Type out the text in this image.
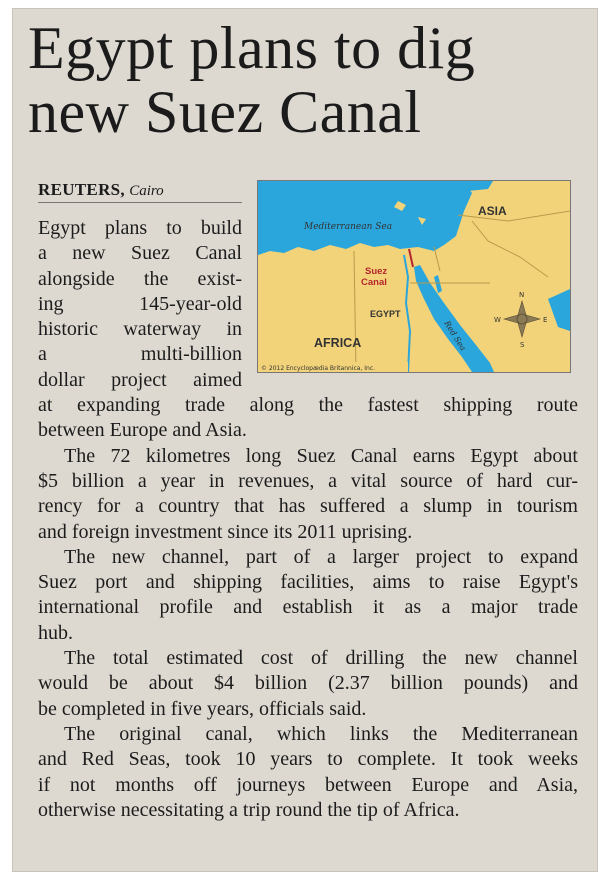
Egypt plans to dig
new Suez Canal
REUTERS, Cairo
Mediterranean Sea
ASIA
Suez
Canal
EGYPT
AFRICA	Red Sea
N
S
E
W
© 2012 Encyclopædia Britannica, Inc.
Egypt plans to build
a new Suez Canal
alongside the exist-
ing 145-year-old
historic waterway in
a multi-billion
dollar project aimed
at expanding trade along the fastest shipping route
between Europe and Asia.
The 72 kilometres long Suez Canal earns Egypt about
$5 billion a year in revenues, a vital source of hard cur-
rency for a country that has suffered a slump in tourism
and foreign investment since its 2011 uprising.
The new channel, part of a larger project to expand
Suez port and shipping facilities, aims to raise Egypt's
international profile and establish it as a major trade
hub.
The total estimated cost of drilling the new channel
would be about $4 billion (2.37 billion pounds) and
be completed in five years, officials said.
The original canal, which links the Mediterranean
and Red Seas, took 10 years to complete. It took weeks
if not months off journeys between Europe and Asia,
otherwise necessitating a trip round the tip of Africa.
